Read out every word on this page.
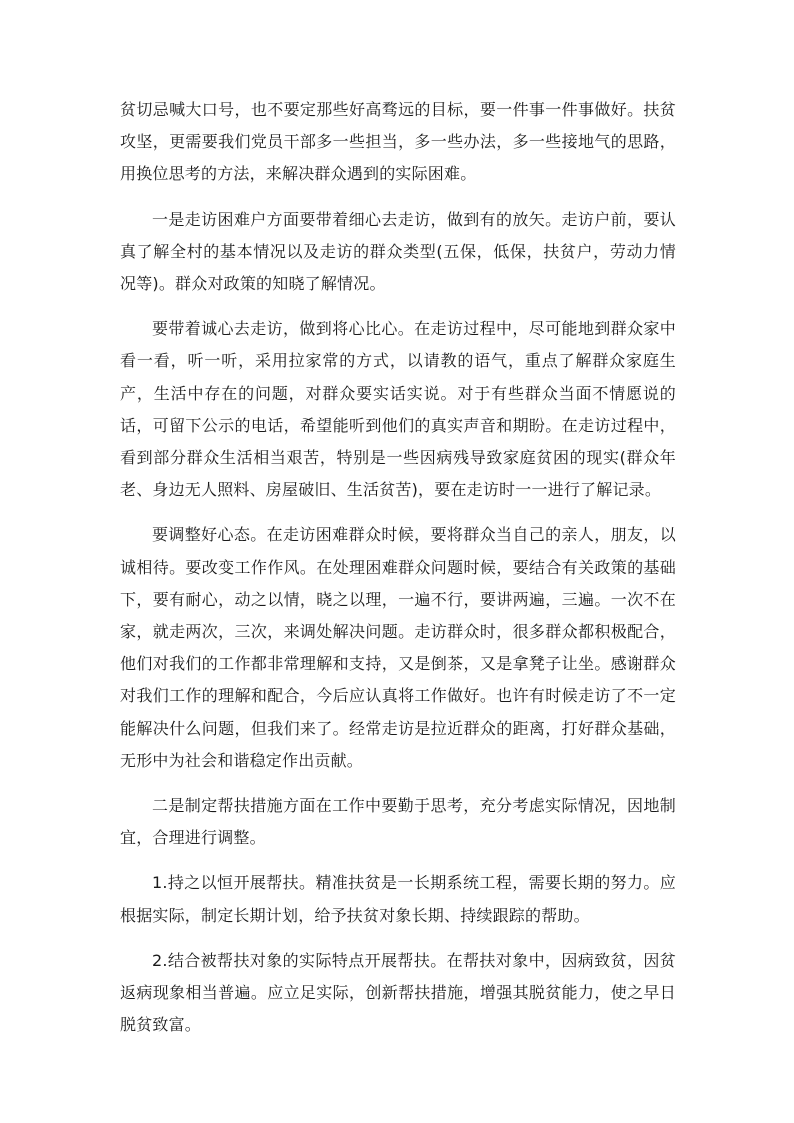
贫切忌喊大口号，也不要定那些好高骛远的目标，要一件事一件事做好。扶贫攻坚，更需要我们党员干部多一些担当，多一些办法，多一些接地气的思路，用换位思考的方法，来解决群众遇到的实际困难。

一是走访困难户方面要带着细心去走访，做到有的放矢。走访户前，要认真了解全村的基本情况以及走访的群众类型(五保，低保，扶贫户，劳动力情况等)。群众对政策的知晓了解情况。

要带着诚心去走访，做到将心比心。在走访过程中，尽可能地到群众家中看一看，听一听，采用拉家常的方式，以请教的语气，重点了解群众家庭生产，生活中存在的问题，对群众要实话实说。对于有些群众当面不情愿说的话，可留下公示的电话，希望能听到他们的真实声音和期盼。在走访过程中，看到部分群众生活相当艰苦，特别是一些因病残导致家庭贫困的现实(群众年老、身边无人照料、房屋破旧、生活贫苦)，要在走访时一一进行了解记录。

要调整好心态。在走访困难群众时候，要将群众当自己的亲人，朋友，以诚相待。要改变工作作风。在处理困难群众问题时候，要结合有关政策的基础下，要有耐心，动之以情，晓之以理，一遍不行，要讲两遍，三遍。一次不在家，就走两次，三次，来调处解决问题。走访群众时，很多群众都积极配合，他们对我们的工作都非常理解和支持，又是倒茶，又是拿凳子让坐。感谢群众对我们工作的理解和配合，今后应认真将工作做好。也许有时候走访了不一定能解决什么问题，但我们来了。经常走访是拉近群众的距离，打好群众基础，无形中为社会和谐稳定作出贡献。

二是制定帮扶措施方面在工作中要勤于思考，充分考虑实际情况，因地制宜，合理进行调整。

1.持之以恒开展帮扶。精准扶贫是一长期系统工程，需要长期的努力。应根据实际，制定长期计划，给予扶贫对象长期、持续跟踪的帮助。

2.结合被帮扶对象的实际特点开展帮扶。在帮扶对象中，因病致贫，因贫返病现象相当普遍。应立足实际，创新帮扶措施，增强其脱贫能力，使之早日脱贫致富。
